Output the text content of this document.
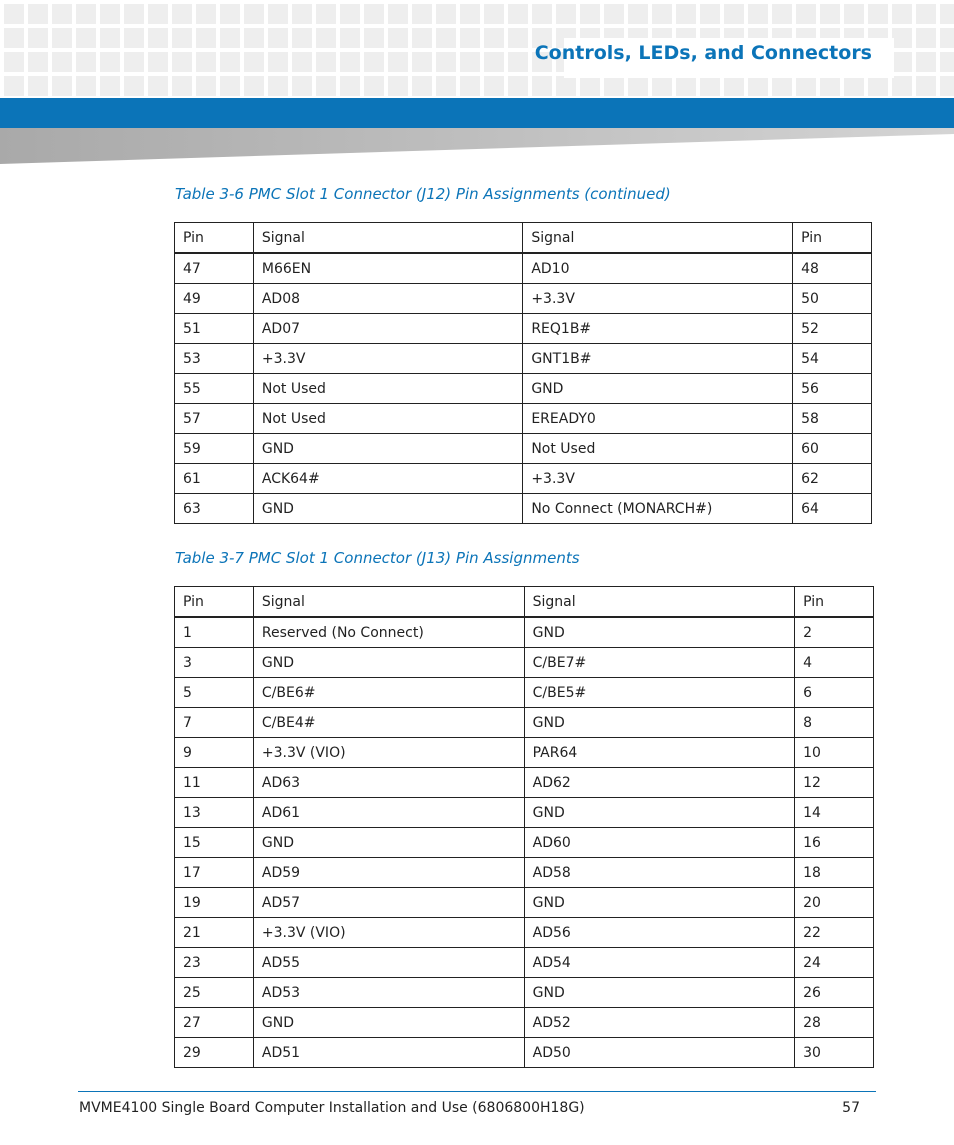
Controls, LEDs, and Connectors
Table 3-6 PMC Slot 1 Connector (J12) Pin Assignments (continued)
Pin	Signal	Signal	Pin
47	M66EN	AD10	48
49	AD08	+3.3V	50
51	AD07	REQ1B#	52
53	+3.3V	GNT1B#	54
55	Not Used	GND	56
57	Not Used	EREADY0	58
59	GND	Not Used	60
61	ACK64#	+3.3V	62
63	GND	No Connect (MONARCH#)	64
Table 3-7 PMC Slot 1 Connector (J13) Pin Assignments
Pin	Signal	Signal	Pin
1	Reserved (No Connect)	GND	2
3	GND	C/BE7#	4
5	C/BE6#	C/BE5#	6
7	C/BE4#	GND	8
9	+3.3V (VIO)	PAR64	10
11	AD63	AD62	12
13	AD61	GND	14
15	GND	AD60	16
17	AD59	AD58	18
19	AD57	GND	20
21	+3.3V (VIO)	AD56	22
23	AD55	AD54	24
25	AD53	GND	26
27	GND	AD52	28
29	AD51	AD50	30
MVME4100 Single Board Computer Installation and Use (6806800H18G)	57
